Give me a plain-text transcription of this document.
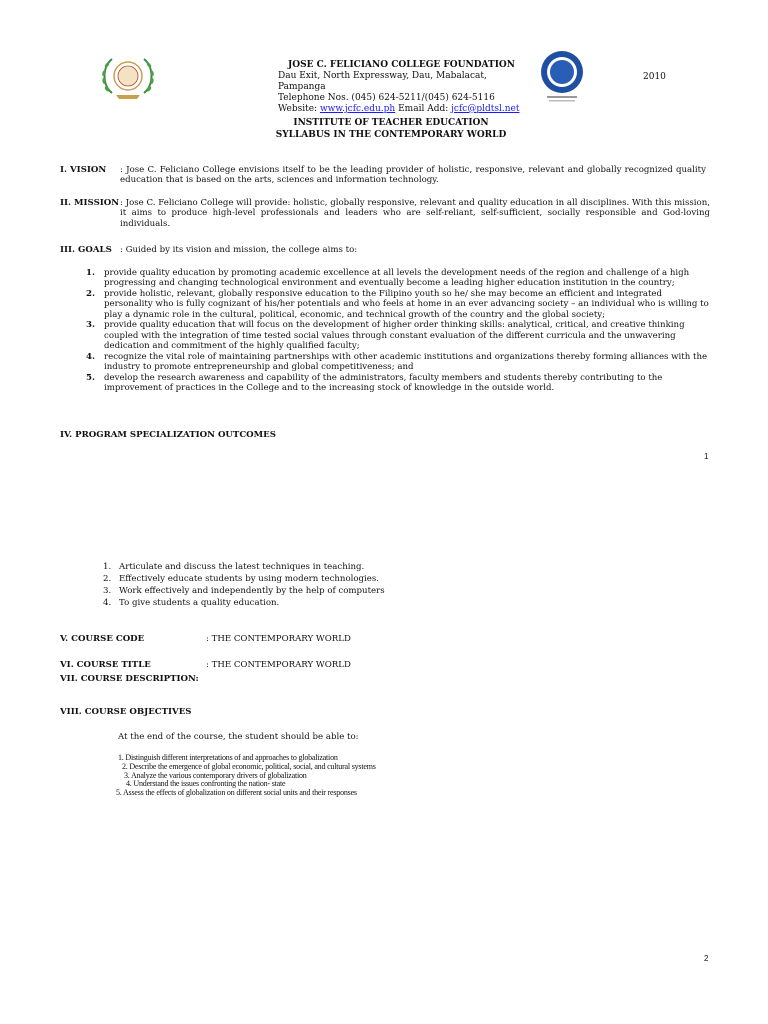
JOSE C. FELICIANO COLLEGE FOUNDATION
Dau Exit, North Expressway, Dau, Mabalacat, Pampanga
Telephone Nos. (045) 624-5211/(045) 624-5116
Website: www.jcfc.edu.ph Email Add: jcfc@pldtsl.net
2010
INSTITUTE OF TEACHER EDUCATION
SYLLABUS IN THE CONTEMPORARY WORLD
I. VISION : Jose C. Feliciano College envisions itself to be the leading provider of holistic, responsive, relevant and globally recognized quality education that is based on the arts, sciences and information technology.
II. MISSION : Jose C. Feliciano College will provide: holistic, globally responsive, relevant and quality education in all disciplines. With this mission, it aims to produce high-level professionals and leaders who are self-reliant, self-sufficient, socially responsible and God-loving individuals.
III. GOALS : Guided by its vision and mission, the college aims to:
1. provide quality education by promoting academic excellence at all levels the development needs of the region and challenge of a high progressing and changing technological environment and eventually become a leading higher education institution in the country;
2. provide holistic, relevant, globally responsive education to the Filipino youth so he/ she may become an efficient and integrated personality who is fully cognizant of his/her potentials and who feels at home in an ever advancing society – an individual who is willing to play a dynamic role in the cultural, political, economic, and technical growth of the country and the global society;
3. provide quality education that will focus on the development of higher order thinking skills: analytical, critical, and creative thinking coupled with the integration of time tested social values through constant evaluation of the different curricula and the unwavering dedication and commitment of the highly qualified faculty;
4. recognize the vital role of maintaining partnerships with other academic institutions and organizations thereby forming alliances with the industry to promote entrepreneurship and global competitiveness; and
5. develop the research awareness and capability of the administrators, faculty members and students thereby contributing to the improvement of practices in the College and to the increasing stock of knowledge in the outside world.
IV. PROGRAM SPECIALIZATION OUTCOMES
1
1. Articulate and discuss the latest techniques in teaching.
2. Effectively educate students by using modern technologies.
3. Work effectively and independently by the help of computers
4. To give students a quality education.
V. COURSE CODE	: THE CONTEMPORARY WORLD
VI. COURSE TITLE	: THE CONTEMPORARY WORLD
VII. COURSE DESCRIPTION:
VIII. COURSE OBJECTIVES
At the end of the course, the student should be able to:
1. Distinguish different interpretations of and approaches to globalization
2. Describe the emergence of global economic, political, social, and cultural systems
3. Analyze the various contemporary drivers of globalization
4. Understand the issues confronting the nation- state
5. Assess the effects of globalization on different social units and their responses
2
